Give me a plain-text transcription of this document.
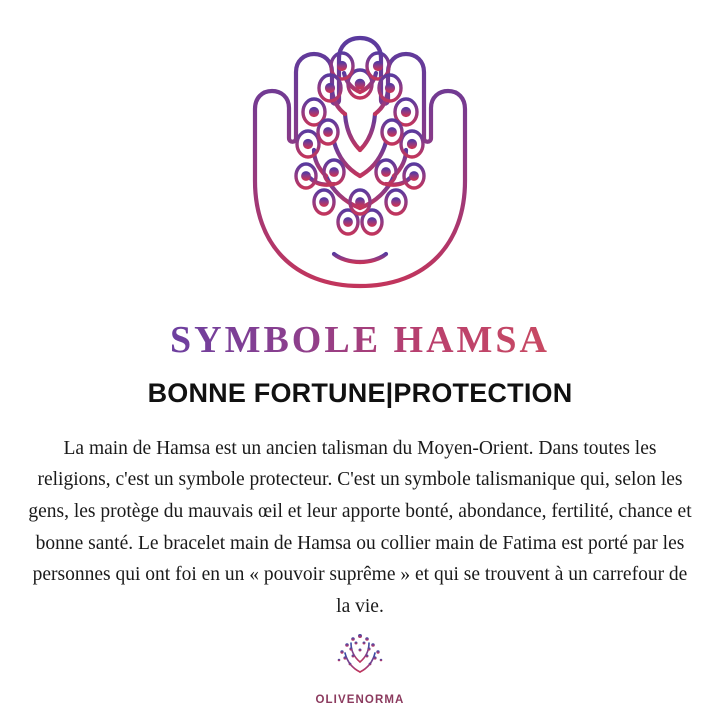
SYMBOLE HAMSA
BONNE FORTUNE|PROTECTION

La main de Hamsa est un ancien talisman du Moyen-Orient. Dans toutes les religions, c'est un symbole protecteur. C'est un symbole talismanique qui, selon les gens, les protège du mauvais œil et leur apporte bonté, abondance, fertilité, chance et bonne santé. Le bracelet main de Hamsa ou collier main de Fatima est porté par les personnes qui ont foi en un « pouvoir suprême » et qui se trouvent à un carrefour de la vie.

OLIVENORMA
